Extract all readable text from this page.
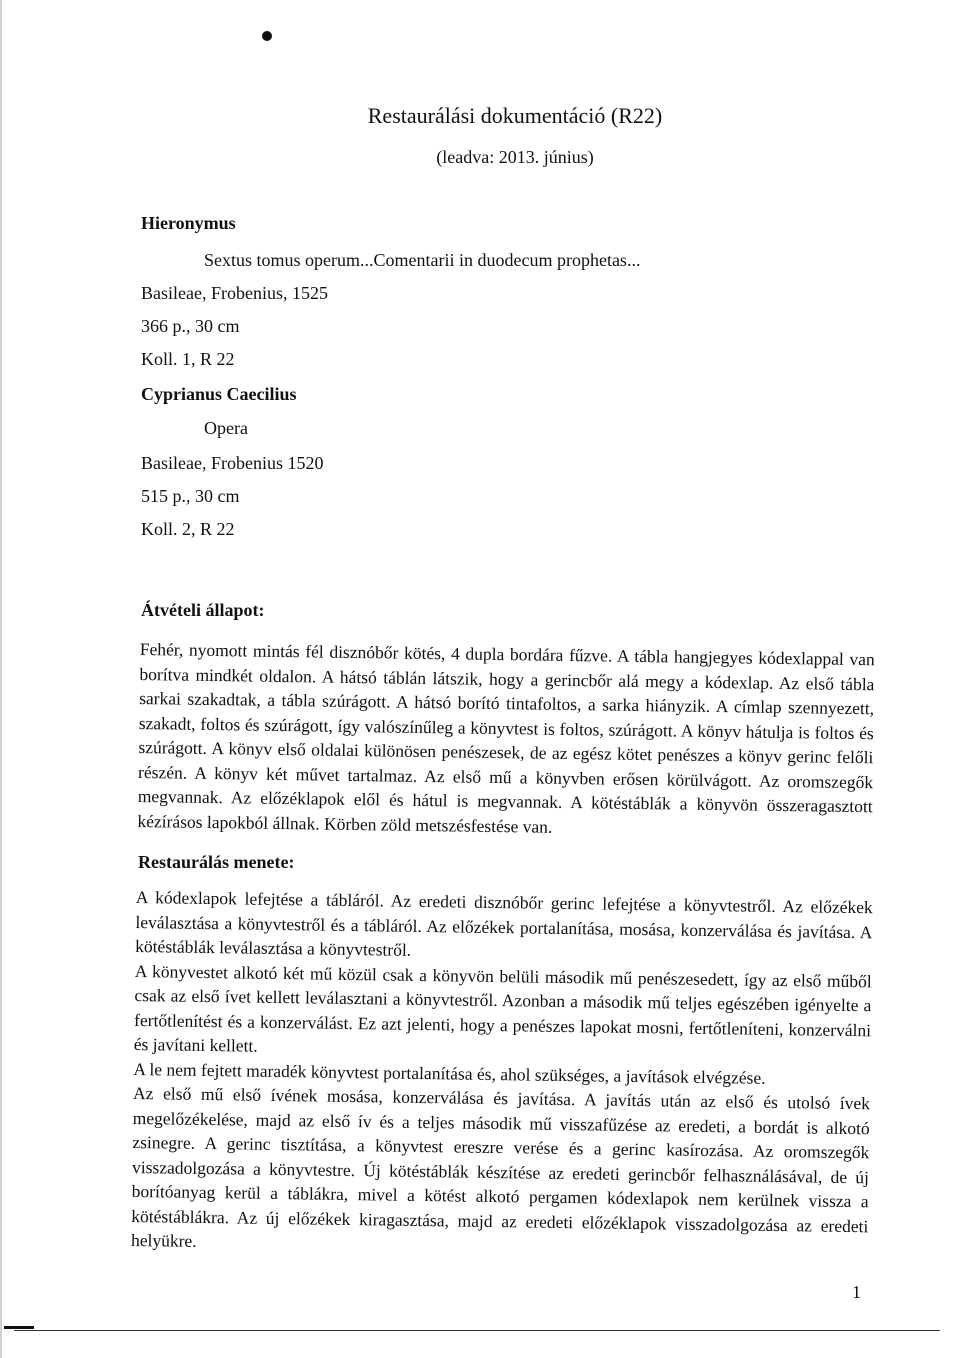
Restaurálási dokumentáció (R22)
(leadva: 2013. június)
Hieronymus
Sextus tomus operum...Comentarii in duodecum prophetas...
Basileae, Frobenius, 1525
366 p., 30 cm
Koll. 1, R 22
Cyprianus Caecilius
Opera
Basileae, Frobenius 1520
515 p., 30 cm
Koll. 2, R 22
Átvételi állapot:
Fehér, nyomott mintás fél disznóbőr kötés, 4 dupla bordára fűzve. A tábla hangjegyes kódexlappal van borítva mindkét oldalon. A hátsó táblán látszik, hogy a gerincbőr alá megy a kódexlap. Az első tábla sarkai szakadtak, a tábla szúrágott. A hátsó borító tintafoltos, a sarka hiányzik. A címlap szennyezett, szakadt, foltos és szúrágott, így valószínűleg a könyvtest is foltos, szúrágott. A könyv hátulja is foltos és szúrágott. A könyv első oldalai különösen penészesek, de az egész kötet penészes a könyv gerinc felőli részén. A könyv két művet tartalmaz. Az első mű a könyvben erősen körülvágott. Az oromszegők megvannak. Az előzéklapok elől és hátul is megvannak. A kötéstáblák a könyvön összeragasztott kézírásos lapokból állnak. Körben zöld metszésfestése van.
Restaurálás menete:

A kódexlapok lefejtése a tábláról. Az eredeti disznóbőr gerinc lefejtése a könyvtestről. Az előzékek leválasztása a könyvtestről és a tábláról. Az előzékek portalanítása, mosása, konzerválása és javítása. A kötéstáblák leválasztása a könyvtestről.

A könyvestet alkotó két mű közül csak a könyvön belüli második mű penészesedett, így az első műből csak az első ívet kellett leválasztani a könyvtestről. Azonban a második mű teljes egészében igényelte a fertőtlenítést és a konzerválást. Ez azt jelenti, hogy a penészes lapokat mosni, fertőtleníteni, konzerválni és javítani kellett.

A le nem fejtett maradék könyvtest portalanítása és, ahol szükséges, a javítások elvégzése.

Az első mű első ívének mosása, konzerválása és javítása. A javítás után az első és utolsó ívek megelőzékelése, majd az első ív és a teljes második mű visszafűzése az eredeti, a bordát is alkotó zsinegre. A gerinc tisztítása, a könyvtest ereszre verése és a gerinc kasírozása. Az oromszegők visszadolgozása a könyvtestre. Új kötéstáblák készítése az eredeti gerincbőr felhasználásával, de új borítóanyag kerül a táblákra, mivel a kötést alkotó pergamen kódexlapok nem kerülnek vissza a kötéstáblákra. Az új előzékek kiragasztása, majd az eredeti előzéklapok visszadolgozása az eredeti helyükre.

1
